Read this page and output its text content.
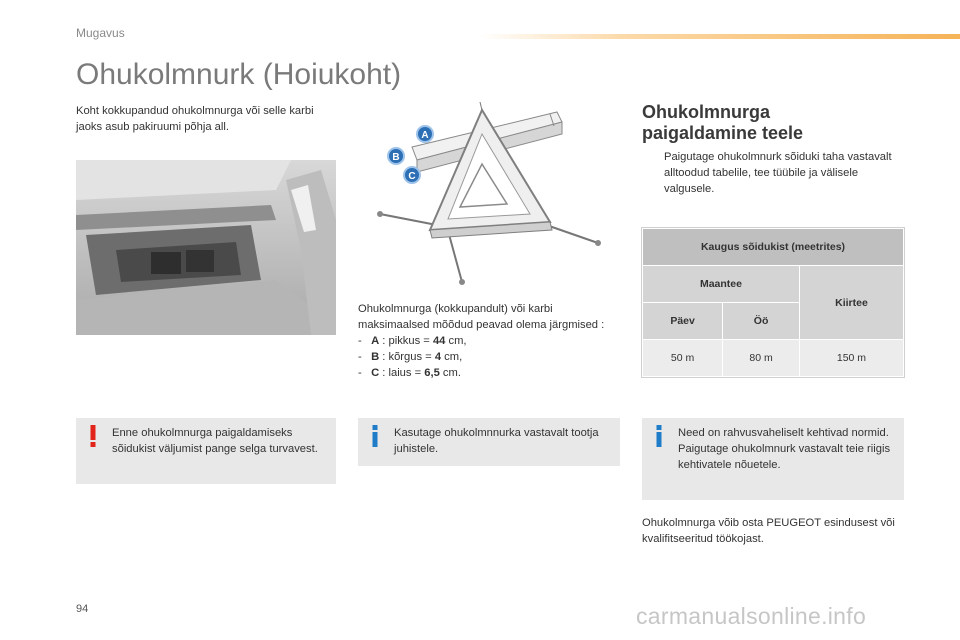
Mugavus
Ohukolmnurk (Hoiukoht)
Koht kokkupandud ohukolmnurga või selle karbi jaoks asub pakiruumi põhja all.
A
B
C
Ohukolmnurga (kokkupandult) või karbi maksimaalsed mõõdud peavad olema järgmised :
- A : pikkus = 44 cm,
- B : kõrgus = 4 cm,
- C : laius = 6,5 cm.
Ohukolmnurga
paigaldamine teele
Paigutage ohukolmnurk sõiduki taha vastavalt alltoodud tabelile, tee tüübile ja välisele valgusele.
Kaugus sõidukist (meetrites)		
Maantee		Kiirtee
Päev	Öö	
50 m	80 m	150 m
Enne ohukolmnurga paigaldamiseks sõidukist väljumist pange selga turvavest.
Kasutage ohukolmnnurka vastavalt tootja juhistele.
Need on rahvusvaheliselt kehtivad normid.
Paigutage ohukolmnurk vastavalt teie riigis kehtivatele nõuetele.
Ohukolmnurga võib osta PEUGEOT esindusest või kvalifitseeritud töökojast.
94	carmanualsonline.info
